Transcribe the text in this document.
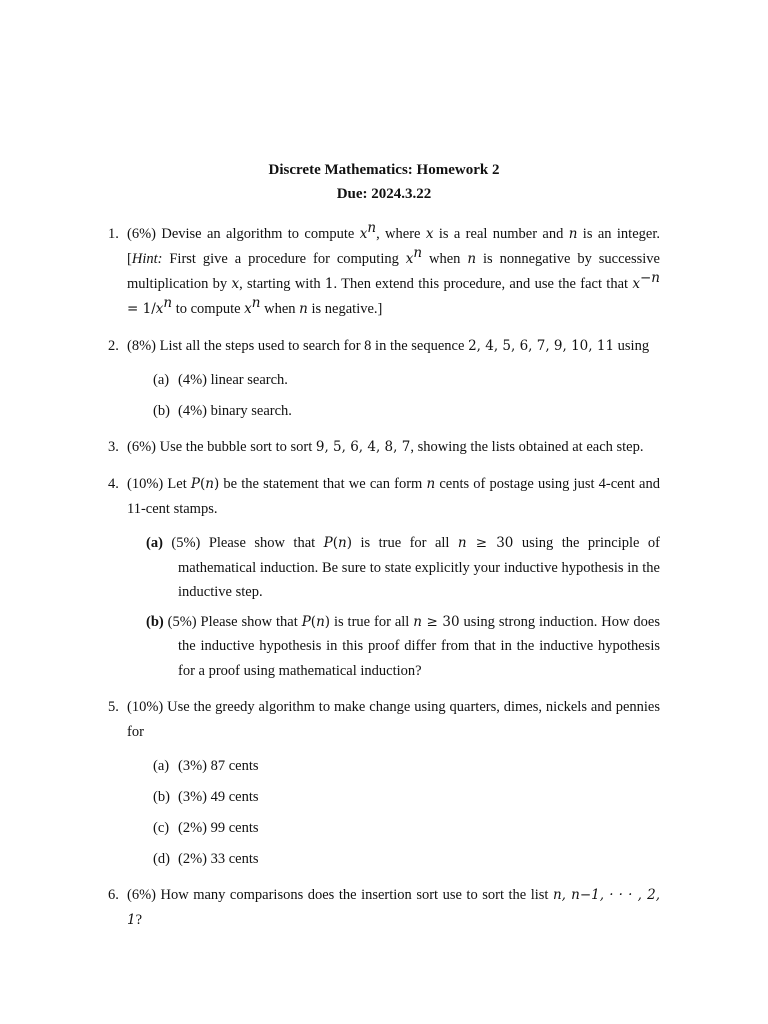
Discrete Mathematics: Homework 2
Due: 2024.3.22
1. (6%) Devise an algorithm to compute $x^n$, where x is a real number and n is an integer. [Hint: First give a procedure for computing $x^n$ when n is nonnegative by successive multiplication by x, starting with 1. Then extend this procedure, and use the fact that $x^{-n} = 1/x^n$ to compute $x^n$ when n is negative.]
2. (8%) List all the steps used to search for 8 in the sequence 2, 4, 5, 6, 7, 9, 10, 11 using
(a) (4%) linear search.
(b) (4%) binary search.
3. (6%) Use the bubble sort to sort 9, 5, 6, 4, 8, 7, showing the lists obtained at each step.
4. (10%) Let P(n) be the statement that we can form n cents of postage using just 4-cent and 11-cent stamps.
(a) (5%) Please show that P(n) is true for all n ≥ 30 using the principle of mathematical induction. Be sure to state explicitly your inductive hypothesis in the inductive step.
(b) (5%) Please show that P(n) is true for all n ≥ 30 using strong induction. How does the inductive hypothesis in this proof differ from that in the inductive hypothesis for a proof using mathematical induction?
5. (10%) Use the greedy algorithm to make change using quarters, dimes, nickels and pennies for
(a) (3%) 87 cents
(b) (3%) 49 cents
(c) (2%) 99 cents
(d) (2%) 33 cents
6. (6%) How many comparisons does the insertion sort use to sort the list n, n−1, · · · , 2, 1?
